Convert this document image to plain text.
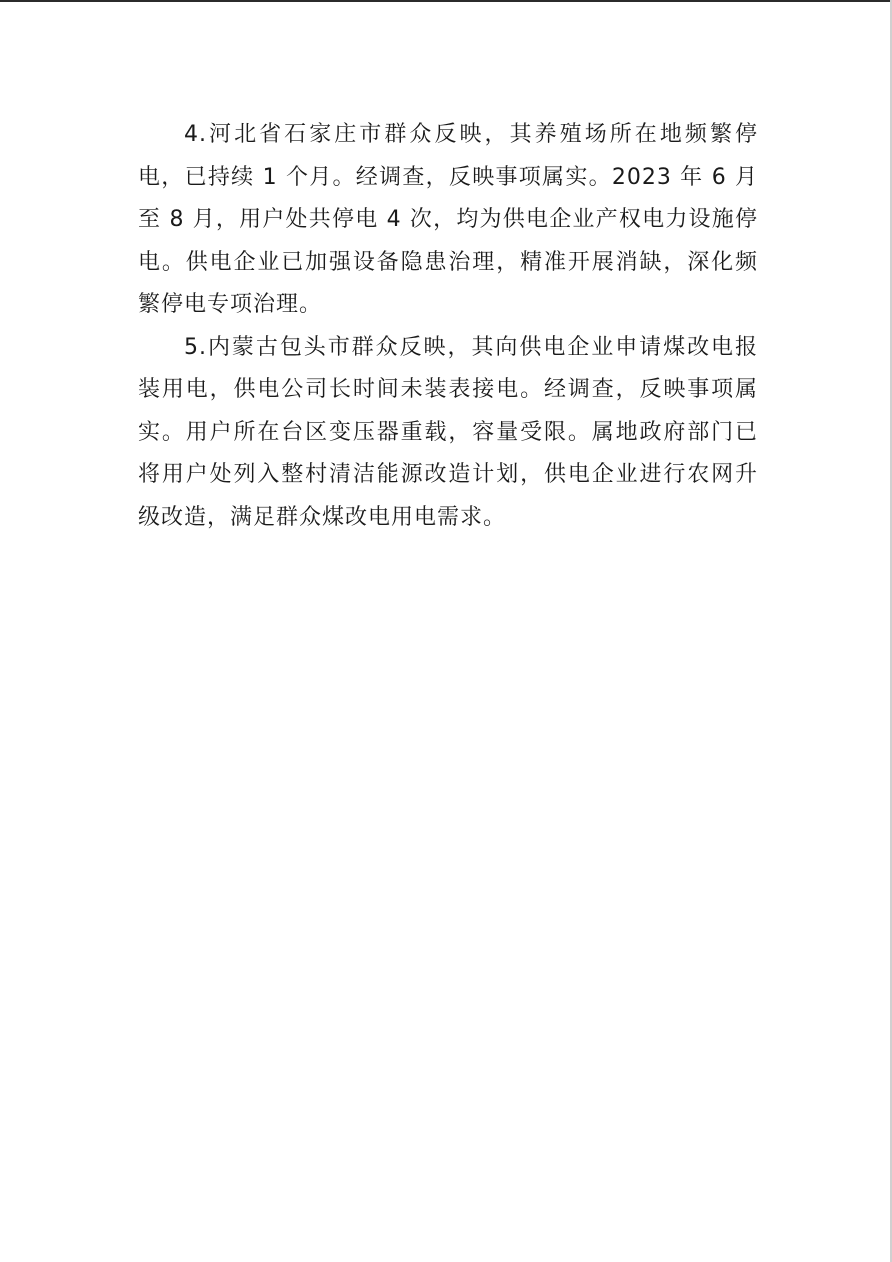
4.河北省石家庄市群众反映，其养殖场所在地频繁停电，已持续 1 个月。经调查，反映事项属实。2023 年 6 月至 8 月，用户处共停电 4 次，均为供电企业产权电力设施停电。供电企业已加强设备隐患治理，精准开展消缺，深化频繁停电专项治理。

5.内蒙古包头市群众反映，其向供电企业申请煤改电报装用电，供电公司长时间未装表接电。经调查，反映事项属实。用户所在台区变压器重载，容量受限。属地政府部门已将用户处列入整村清洁能源改造计划，供电企业进行农网升级改造，满足群众煤改电用电需求。
